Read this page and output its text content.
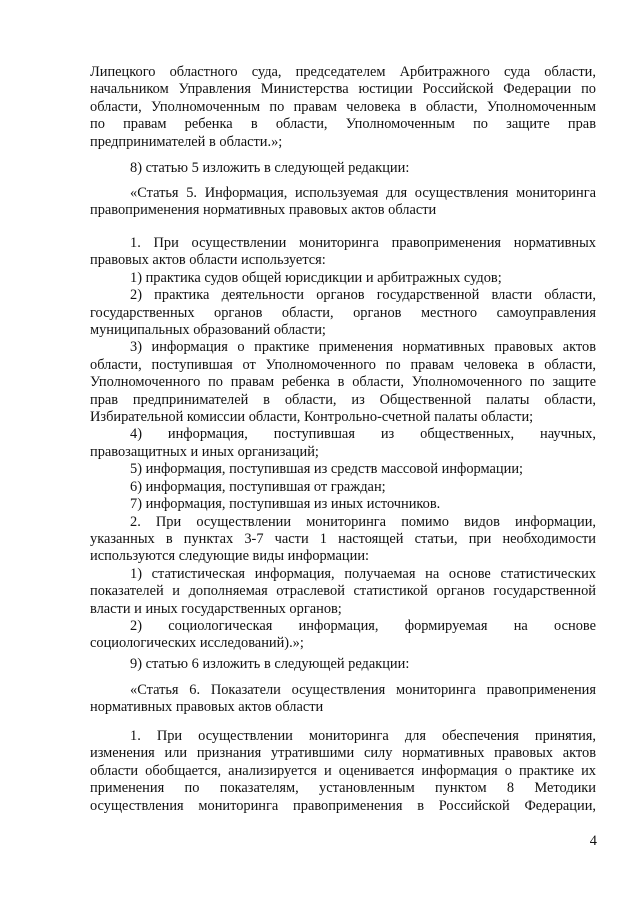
Липецкого областного суда, председателем Арбитражного суда области,
начальником Управления Министерства юстиции Российской Федерации по
области, Уполномоченным по правам человека в области, Уполномоченным
по правам ребенка в области, Уполномоченным по защите прав
предпринимателей в области.»;
8) статью 5 изложить в следующей редакции:
«Статья 5. Информация, используемая для осуществления мониторинга
правоприменения нормативных правовых актов области
1. При осуществлении мониторинга правоприменения нормативных
правовых актов области используется:
1) практика судов общей юрисдикции и арбитражных судов;
2) практика деятельности органов государственной власти области,
государственных органов области, органов местного самоуправления
муниципальных образований области;
3) информация о практике применения нормативных правовых актов
области, поступившая от Уполномоченного по правам человека в области,
Уполномоченного по правам ребенка в области, Уполномоченного по защите
прав предпринимателей в области, из Общественной палаты области,
Избирательной комиссии области, Контрольно-счетной палаты области;
4) информация, поступившая из общественных, научных,
правозащитных и иных организаций;
5) информация, поступившая из средств массовой информации;
6) информация, поступившая от граждан;
7) информация, поступившая из иных источников.
2. При осуществлении мониторинга помимо видов информации,
указанных в пунктах 3-7 части 1 настоящей статьи, при необходимости
используются следующие виды информации:
1) статистическая информация, получаемая на основе статистических
показателей и дополняемая отраслевой статистикой органов государственной
власти и иных государственных органов;
2) социологическая информация, формируемая на основе
социологических исследований).»;
9) статью 6 изложить в следующей редакции:
«Статья 6. Показатели осуществления мониторинга правоприменения
нормативных правовых актов области
1. При осуществлении мониторинга для обеспечения принятия,
изменения или признания утратившими силу нормативных правовых актов
области обобщается, анализируется и оценивается информация о практике их
применения по показателям, установленным пунктом 8 Методики
осуществления мониторинга правоприменения в Российской Федерации,
4
